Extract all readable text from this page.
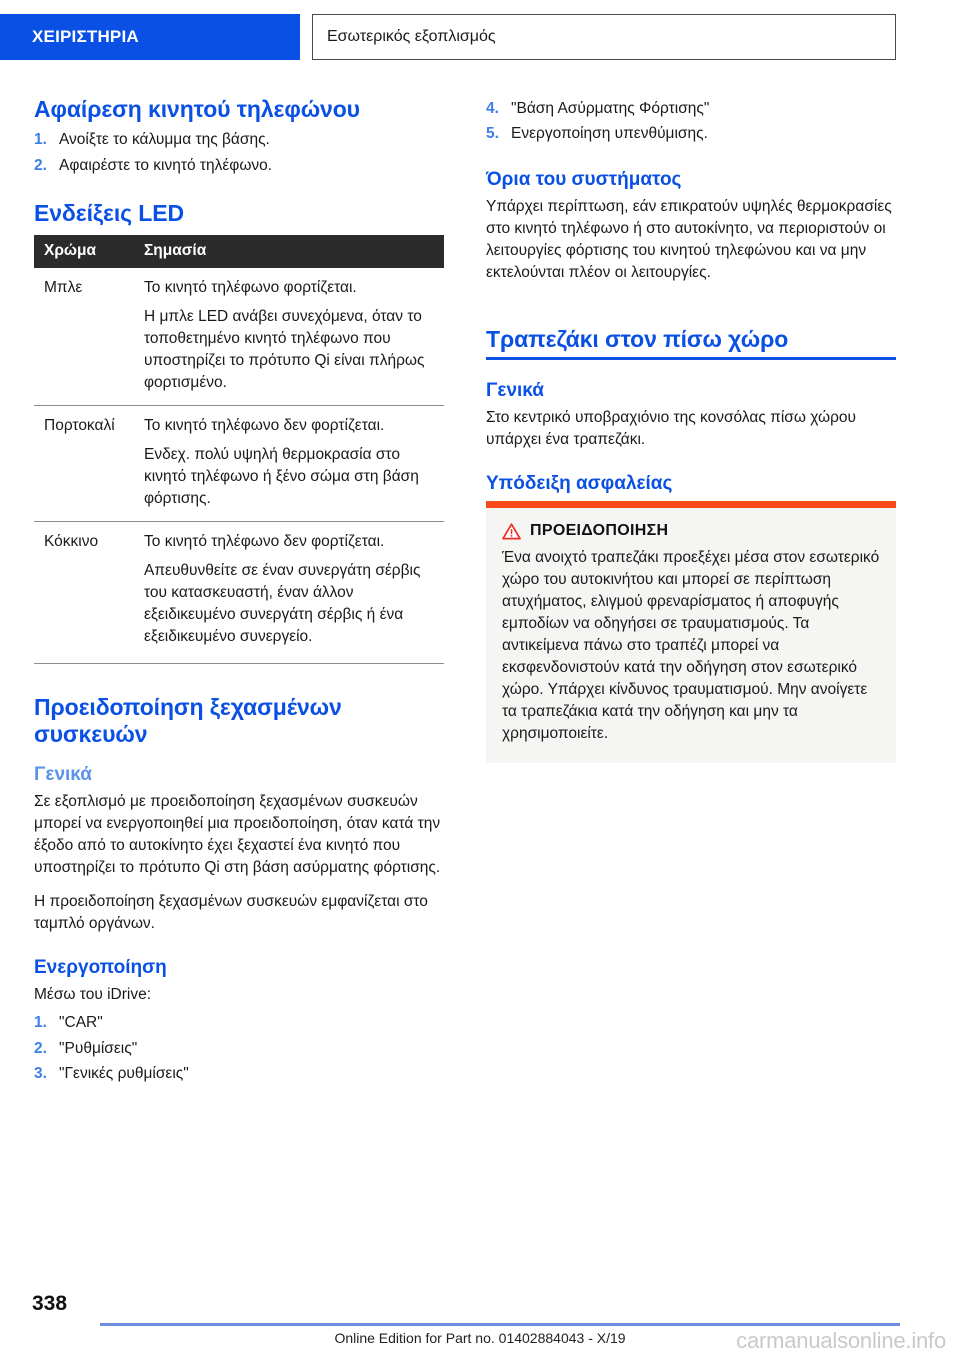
ΧΕΙΡΙΣΤΗΡΙΑ	Εσωτερικός εξοπλισμός
Αφαίρεση κινητού τηλεφώνου
1. Ανοίξτε το κάλυμμα της βάσης.
2. Αφαιρέστε το κινητό τηλέφωνο.
Ενδείξεις LED
Χρώμα	Σημασία
Μπλε	Το κινητό τηλέφωνο φορτίζεται.

Η μπλε LED ανάβει συνεχόμενα, όταν το τοποθετημένο κινητό τηλέφωνο που υποστηρίζει το πρότυπο Qi είναι πλήρως φορτισμένο.

Πορτοκαλί	Το κινητό τηλέφωνο δεν φορτίζεται.

Ενδεχ. πολύ υψηλή θερμοκρασία στο κινητό τηλέφωνο ή ξένο σώμα στη βάση φόρτισης.

Κόκκινο	Το κινητό τηλέφωνο δεν φορτίζεται.

Απευθυνθείτε σε έναν συνεργάτη σέρβις του κατασκευαστή, έναν άλλον εξειδικευμένο συνεργάτη σέρβις ή ένα εξειδικευμένο συνεργείο.

Προειδοποίηση ξεχασμένων συσκευών
Γενικά

Σε εξοπλισμό με προειδοποίηση ξεχασμένων συσκευών μπορεί να ενεργοποιηθεί μια προειδοποίηση, όταν κατά την έξοδο από το αυτοκίνητο έχει ξεχαστεί ένα κινητό που υποστηρίζει το πρότυπο Qi στη βάση ασύρματης φόρτισης.

Η προειδοποίηση ξεχασμένων συσκευών εμφανίζεται στο ταμπλό οργάνων.

Ενεργοποίηση

Μέσω του iDrive:

1. "CAR"
2. "Ρυθμίσεις"
3. "Γενικές ρυθμίσεις"
4. "Βάση Ασύρματης Φόρτισης"
5. Ενεργοποίηση υπενθύμισης.
Όρια του συστήματος

Υπάρχει περίπτωση, εάν επικρατούν υψηλές θερμοκρασίες στο κινητό τηλέφωνο ή στο αυτοκίνητο, να περιοριστούν οι λειτουργίες φόρτισης του κινητού τηλεφώνου και να μην εκτελούνται πλέον οι λειτουργίες.

Τραπεζάκι στον πίσω χώρο
Γενικά

Στο κεντρικό υποβραχιόνιο της κονσόλας πίσω χώρου υπάρχει ένα τραπεζάκι.

Υπόδειξη ασφαλείας
ΠΡΟΕΙΔΟΠΟΙΗΣΗ
Ένα ανοιχτό τραπεζάκι προεξέχει μέσα στον εσωτερικό χώρο του αυτοκινήτου και μπορεί σε περίπτωση ατυχήματος, ελιγμού φρεναρίσματος ή αποφυγής εμποδίων να οδηγήσει σε τραυματισμούς. Τα αντικείμενα πάνω στο τραπέζι μπορεί να εκσφενδονιστούν κατά την οδήγηση στον εσωτερικό χώρο. Υπάρχει κίνδυνος τραυματισμού. Μην ανοίγετε τα τραπεζάκια κατά την οδήγηση και μην τα χρησιμοποιείτε.
338
Online Edition for Part no. 01402884043 - X/19	carmanualsonline.info
